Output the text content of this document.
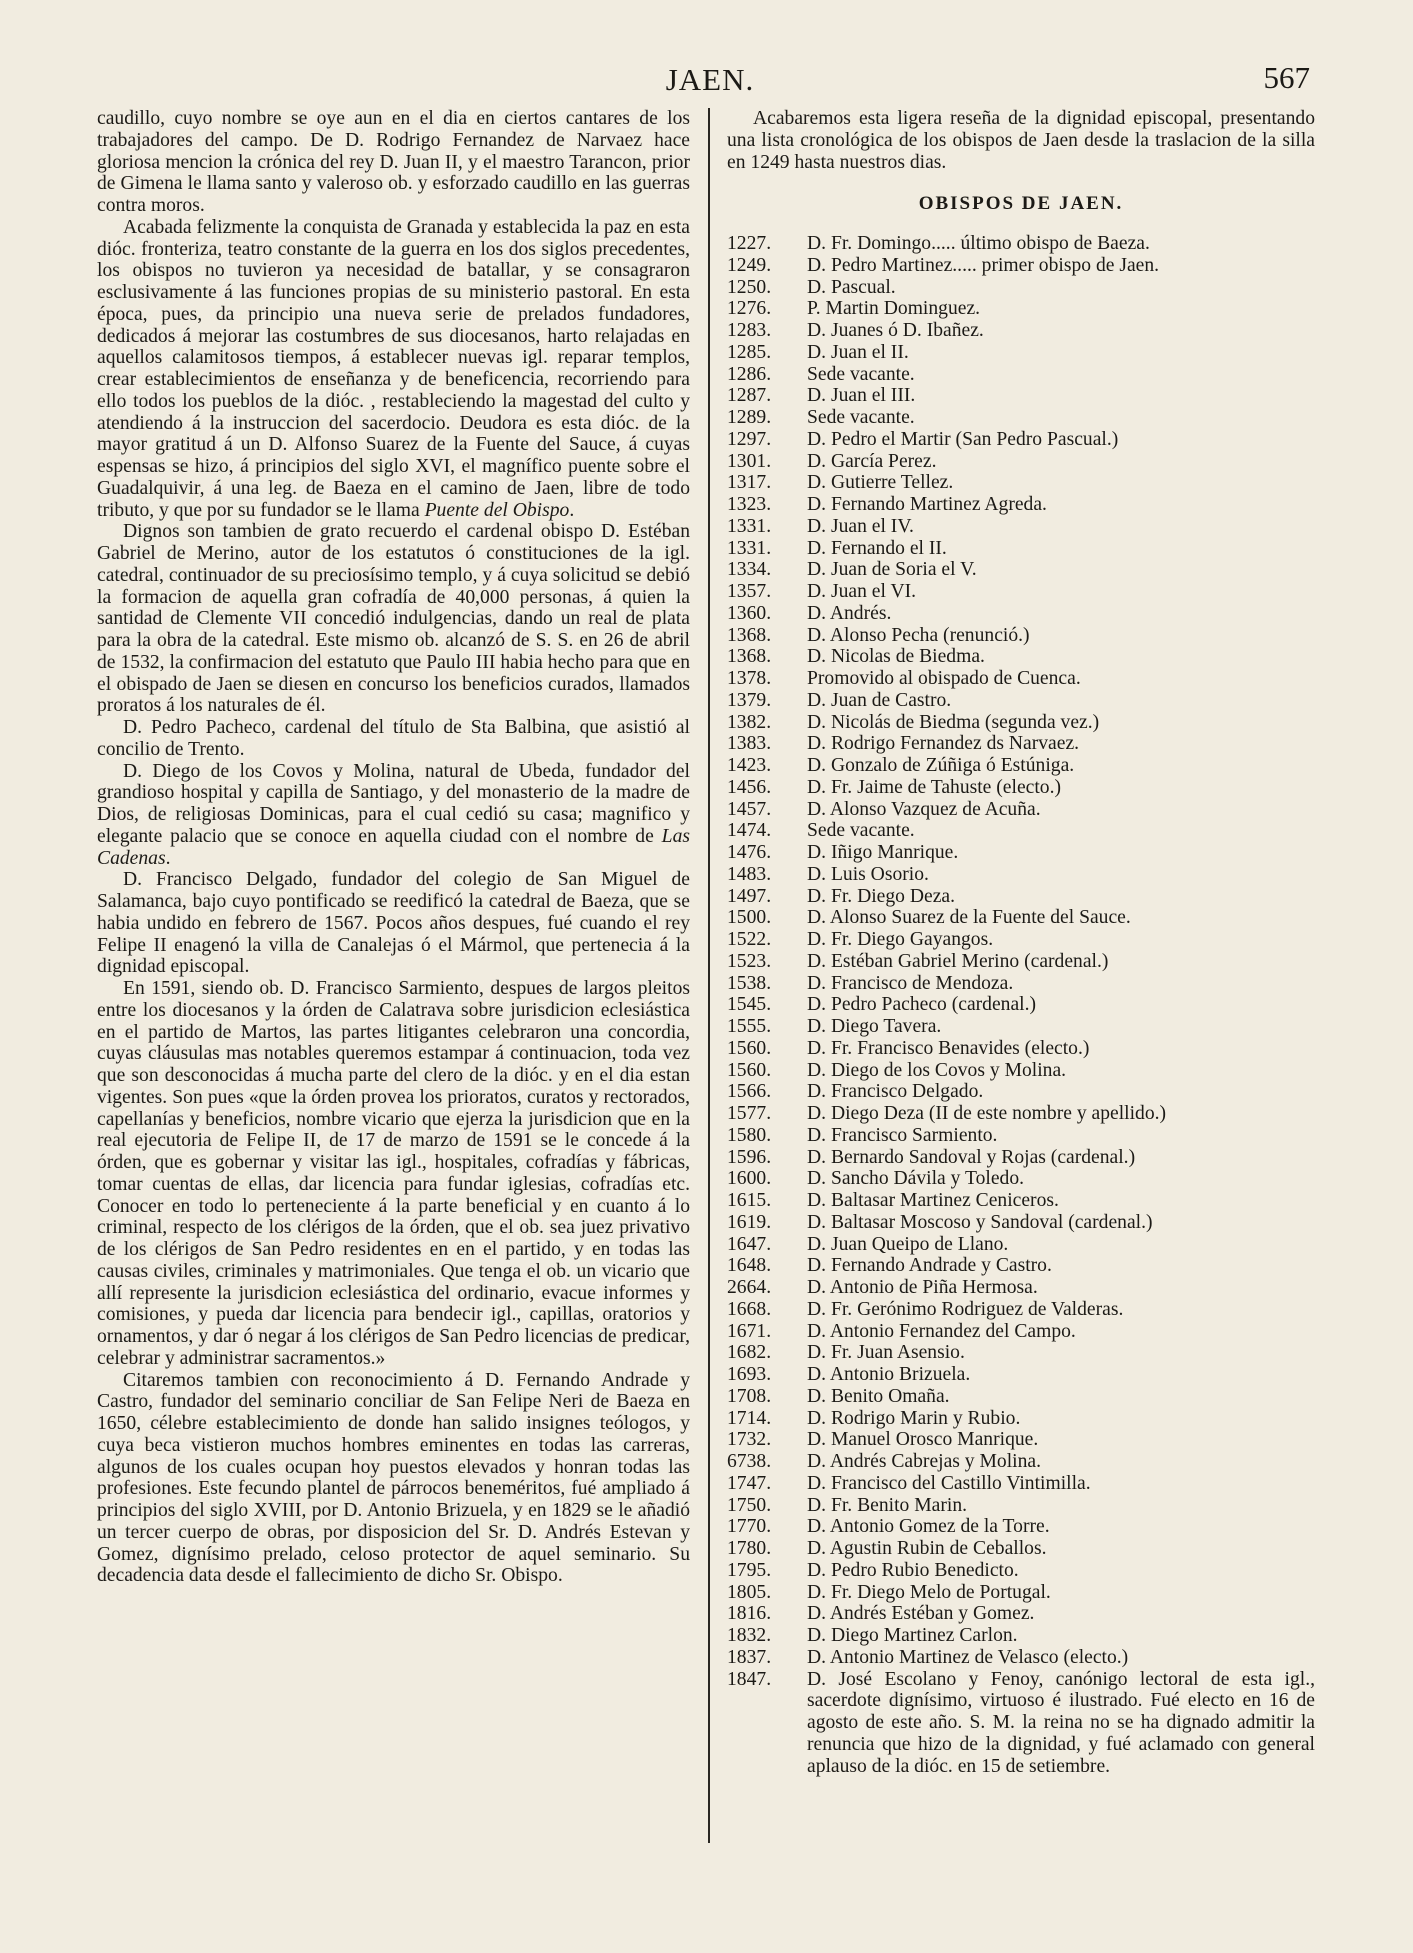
JAEN.	567

caudillo, cuyo nombre se oye aun en el dia en ciertos cantares de los trabajadores del campo. De D. Rodrigo Fernandez de Narvaez hace gloriosa mencion la crónica del rey D. Juan II, y el maestro Tarancon, prior de Gimena le llama santo y valeroso ob. y esforzado caudillo en las guerras contra moros.

Acabada felizmente la conquista de Granada y establecida la paz en esta dióc. fronteriza, teatro constante de la guerra en los dos siglos precedentes, los obispos no tuvieron ya necesidad de batallar, y se consagraron esclusivamente á las funciones propias de su ministerio pastoral. En esta época, pues, da principio una nueva serie de prelados fundadores, dedicados á mejorar las costumbres de sus diocesanos, harto relajadas en aquellos calamitosos tiempos, á establecer nuevas igl. reparar templos, crear establecimientos de enseñanza y de beneficencia, recorriendo para ello todos los pueblos de la dióc. , restableciendo la magestad del culto y atendiendo á la instruccion del sacerdocio. Deudora es esta dióc. de la mayor gratitud á un D. Alfonso Suarez de la Fuente del Sauce, á cuyas espensas se hizo, á principios del siglo XVI, el magnífico puente sobre el Guadalquivir, á una leg. de Baeza en el camino de Jaen, libre de todo tributo, y que por su fundador se le llama Puente del Obispo.

Dignos son tambien de grato recuerdo el cardenal obispo D. Estéban Gabriel de Merino, autor de los estatutos ó constituciones de la igl. catedral, continuador de su preciosísimo templo, y á cuya solicitud se debió la formacion de aquella gran cofradía de 40,000 personas, á quien la santidad de Clemente VII concedió indulgencias, dando un real de plata para la obra de la catedral. Este mismo ob. alcanzó de S. S. en 26 de abril de 1532, la confirmacion del estatuto que Paulo III habia hecho para que en el obispado de Jaen se diesen en concurso los beneficios curados, llamados proratos á los naturales de él.

D. Pedro Pacheco, cardenal del título de Sta Balbina, que asistió al concilio de Trento.

D. Diego de los Covos y Molina, natural de Ubeda, fundador del grandioso hospital y capilla de Santiago, y del monasterio de la madre de Dios, de religiosas Dominicas, para el cual cedió su casa; magnifico y elegante palacio que se conoce en aquella ciudad con el nombre de Las Cadenas.

D. Francisco Delgado, fundador del colegio de San Miguel de Salamanca, bajo cuyo pontificado se reedificó la catedral de Baeza, que se habia undido en febrero de 1567. Pocos años despues, fué cuando el rey Felipe II enagenó la villa de Canalejas ó el Mármol, que pertenecia á la dignidad episcopal.

En 1591, siendo ob. D. Francisco Sarmiento, despues de largos pleitos entre los diocesanos y la órden de Calatrava sobre jurisdicion eclesiástica en el partido de Martos, las partes litigantes celebraron una concordia, cuyas cláusulas mas notables queremos estampar á continuacion, toda vez que son desconocidas á mucha parte del clero de la dióc. y en el dia estan vigentes. Son pues «que la órden provea los prioratos, curatos y rectorados, capellanías y beneficios, nombre vicario que ejerza la jurisdicion que en la real ejecutoria de Felipe II, de 17 de marzo de 1591 se le concede á la órden, que es gobernar y visitar las igl., hospitales, cofradías y fábricas, tomar cuentas de ellas, dar licencia para fundar iglesias, cofradías etc. Conocer en todo lo perteneciente á la parte beneficial y en cuanto á lo criminal, respecto de los clérigos de la órden, que el ob. sea juez privativo de los clérigos de San Pedro residentes en en el partido, y en todas las causas civiles, criminales y matrimoniales. Que tenga el ob. un vicario que allí represente la jurisdicion eclesiástica del ordinario, evacue informes y comisiones, y pueda dar licencia para bendecir igl., capillas, oratorios y ornamentos, y dar ó negar á los clérigos de San Pedro licencias de predicar, celebrar y administrar sacramentos.»

Citaremos tambien con reconocimiento á D. Fernando Andrade y Castro, fundador del seminario conciliar de San Felipe Neri de Baeza en 1650, célebre establecimiento de donde han salido insignes teólogos, y cuya beca vistieron muchos hombres eminentes en todas las carreras, algunos de los cuales ocupan hoy puestos elevados y honran todas las profesiones. Este fecundo plantel de párrocos beneméritos, fué ampliado á principios del siglo XVIII, por D. Antonio Brizuela, y en 1829 se le añadió un tercer cuerpo de obras, por disposicion del Sr. D. Andrés Estevan y Gomez, dignísimo prelado, celoso protector de aquel seminario. Su decadencia data desde el fallecimiento de dicho Sr. Obispo.

Acabaremos esta ligera reseña de la dignidad episcopal, presentando una lista cronológica de los obispos de Jaen desde la traslacion de la silla en 1249 hasta nuestros dias.

OBISPOS DE JAEN.
1227.	D. Fr. Domingo..... último obispo de Baeza.
1249.	D. Pedro Martinez..... primer obispo de Jaen.
1250.	D. Pascual.
1276.	P. Martin Dominguez.
1283.	D. Juanes ó D. Ibañez.
1285.	D. Juan el II.
1286.	Sede vacante.
1287.	D. Juan el III.
1289.	Sede vacante.
1297.	D. Pedro el Martir (San Pedro Pascual.)
1301.	D. García Perez.
1317.	D. Gutierre Tellez.
1323.	D. Fernando Martinez Agreda.
1331.	D. Juan el IV.
1331.	D. Fernando el II.
1334.	D. Juan de Soria el V.
1357.	D. Juan el VI.
1360.	D. Andrés.
1368.	D. Alonso Pecha (renunció.)
1368.	D. Nicolas de Biedma.
1378.	Promovido al obispado de Cuenca.
1379.	D. Juan de Castro.
1382.	D. Nicolás de Biedma (segunda vez.)
1383.	D. Rodrigo Fernandez ds Narvaez.
1423.	D. Gonzalo de Zúñiga ó Estúniga.
1456.	D. Fr. Jaime de Tahuste (electo.)
1457.	D. Alonso Vazquez de Acuña.
1474.	Sede vacante.
1476.	D. Iñigo Manrique.
1483.	D. Luis Osorio.
1497.	D. Fr. Diego Deza.
1500.	D. Alonso Suarez de la Fuente del Sauce.
1522.	D. Fr. Diego Gayangos.
1523.	D. Estéban Gabriel Merino (cardenal.)
1538.	D. Francisco de Mendoza.
1545.	D. Pedro Pacheco (cardenal.)
1555.	D. Diego Tavera.
1560.	D. Fr. Francisco Benavides (electo.)
1560.	D. Diego de los Covos y Molina.
1566.	D. Francisco Delgado.
1577.	D. Diego Deza (II de este nombre y apellido.)
1580.	D. Francisco Sarmiento.
1596.	D. Bernardo Sandoval y Rojas (cardenal.)
1600.	D. Sancho Dávila y Toledo.
1615.	D. Baltasar Martinez Ceniceros.
1619.	D. Baltasar Moscoso y Sandoval (cardenal.)
1647.	D. Juan Queipo de Llano.
1648.	D. Fernando Andrade y Castro.
2664.	D. Antonio de Piña Hermosa.
1668.	D. Fr. Gerónimo Rodriguez de Valderas.
1671.	D. Antonio Fernandez del Campo.
1682.	D. Fr. Juan Asensio.
1693.	D. Antonio Brizuela.
1708.	D. Benito Omaña.
1714.	D. Rodrigo Marin y Rubio.
1732.	D. Manuel Orosco Manrique.
6738.	D. Andrés Cabrejas y Molina.
1747.	D. Francisco del Castillo Vintimilla.
1750.	D. Fr. Benito Marin.
1770.	D. Antonio Gomez de la Torre.
1780.	D. Agustin Rubin de Ceballos.
1795.	D. Pedro Rubio Benedicto.
1805.	D. Fr. Diego Melo de Portugal.
1816.	D. Andrés Estéban y Gomez.
1832.	D. Diego Martinez Carlon.
1837.	D. Antonio Martinez de Velasco (electo.)
1847.	D. José Escolano y Fenoy, canónigo lectoral de esta igl., sacerdote dignísimo, virtuoso é ilustrado. Fué electo en 16 de agosto de este año. S. M. la reina no se ha dignado admitir la renuncia que hizo de la dignidad, y fué aclamado con general aplauso de la dióc. en 15 de setiembre.
